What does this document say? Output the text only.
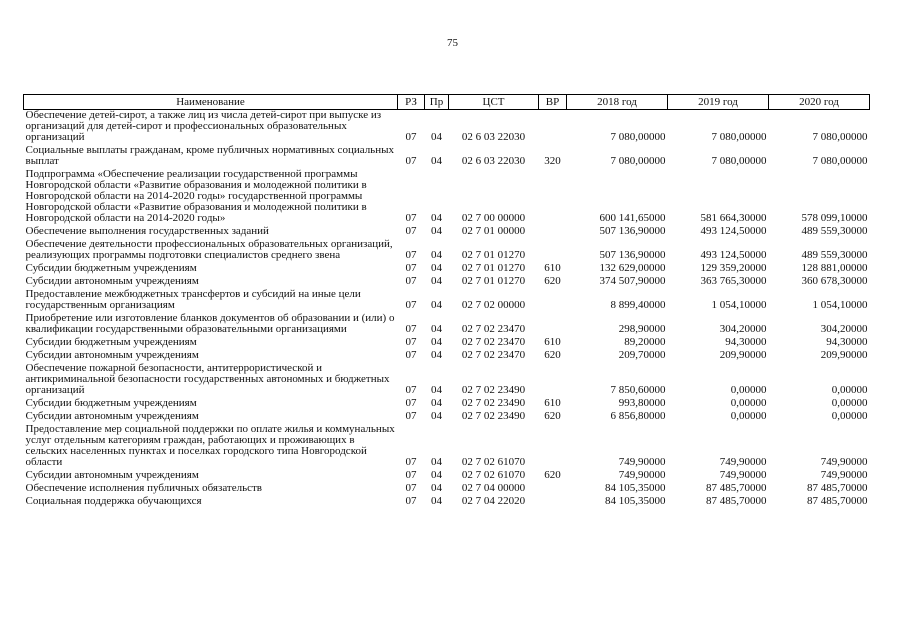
75
Наименование	РЗ	Пр	ЦСТ	ВР	2018 год	2019 год	2020 год
Обеспечение детей-сирот, а также лиц из числа детей-сирот при выпуске из организаций для детей-сирот и профессиональных образовательных организаций	07	04	02 6 03 22030		7 080,00000	7 080,00000	7 080,00000
Социальные выплаты гражданам, кроме публичных нормативных социальных выплат	07	04	02 6 03 22030	320	7 080,00000	7 080,00000	7 080,00000
Подпрограмма «Обеспечение реализации государственной программы Новгородской области «Развитие образования и молодежной политики в Новгородской области на 2014-2020 годы» государственной программы Новгородской области «Развитие образования и молодежной политики в Новгородской области на 2014-2020 годы»	07	04	02 7 00 00000		600 141,65000	581 664,30000	578 099,10000
Обеспечение выполнения государственных заданий	07	04	02 7 01 00000		507 136,90000	493 124,50000	489 559,30000
Обеспечение деятельности профессиональных образовательных организаций, реализующих программы подготовки специалистов среднего звена	07	04	02 7 01 01270		507 136,90000	493 124,50000	489 559,30000
Субсидии бюджетным учреждениям	07	04	02 7 01 01270	610	132 629,00000	129 359,20000	128 881,00000
Субсидии автономным учреждениям	07	04	02 7 01 01270	620	374 507,90000	363 765,30000	360 678,30000
Предоставление межбюджетных трансфертов и субсидий на иные цели государственным организациям	07	04	02 7 02 00000		8 899,40000	1 054,10000	1 054,10000
Приобретение или изготовление бланков документов об образовании и (или) о квалификации государственными образовательными организациями	07	04	02 7 02 23470		298,90000	304,20000	304,20000
Субсидии бюджетным учреждениям	07	04	02 7 02 23470	610	89,20000	94,30000	94,30000
Субсидии автономным учреждениям	07	04	02 7 02 23470	620	209,70000	209,90000	209,90000
Обеспечение пожарной безопасности, антитеррористической и антикриминальной безопасности государственных автономных и бюджетных организаций	07	04	02 7 02 23490		7 850,60000	0,00000	0,00000
Субсидии бюджетным учреждениям	07	04	02 7 02 23490	610	993,80000	0,00000	0,00000
Субсидии автономным учреждениям	07	04	02 7 02 23490	620	6 856,80000	0,00000	0,00000
Предоставление мер социальной поддержки по оплате жилья и коммунальных услуг отдельным категориям граждан, работающих и проживающих в сельских населенных пунктах и поселках городского типа Новгородской области	07	04	02 7 02 61070		749,90000	749,90000	749,90000
Субсидии автономным учреждениям	07	04	02 7 02 61070	620	749,90000	749,90000	749,90000
Обеспечение исполнения публичных обязательств	07	04	02 7 04 00000		84 105,35000	87 485,70000	87 485,70000
Социальная поддержка обучающихся	07	04	02 7 04 22020		84 105,35000	87 485,70000	87 485,70000
